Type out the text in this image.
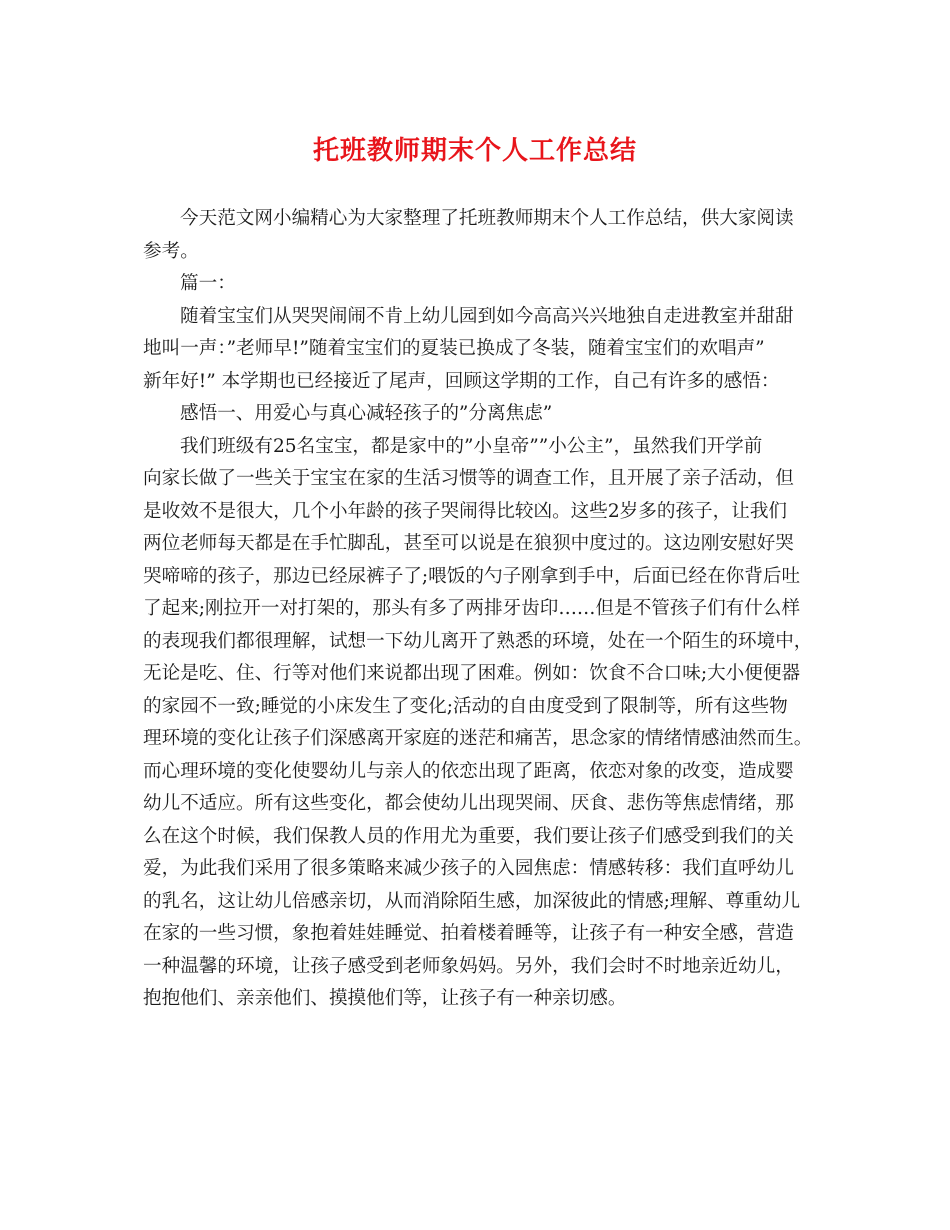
托班教师期末个人工作总结
今天范文网小编精心为大家整理了托班教师期末个人工作总结，供大家阅读
参考。
篇一：
随着宝宝们从哭哭闹闹不肯上幼儿园到如今高高兴兴地独自走进教室并甜甜
地叫一声：”老师早!”随着宝宝们的夏装已换成了冬装，随着宝宝们的欢唱声”
新年好!” 本学期也已经接近了尾声，回顾这学期的工作，自己有许多的感悟：
感悟一、用爱心与真心减轻孩子的”分离焦虑”
我们班级有25名宝宝，都是家中的”小皇帝””小公主”，虽然我们开学前
向家长做了一些关于宝宝在家的生活习惯等的调查工作，且开展了亲子活动，但
是收效不是很大，几个小年龄的孩子哭闹得比较凶。这些2岁多的孩子，让我们
两位老师每天都是在手忙脚乱，甚至可以说是在狼狈中度过的。这边刚安慰好哭
哭啼啼的孩子，那边已经尿裤子了;喂饭的勺子刚拿到手中，后面已经在你背后吐
了起来;刚拉开一对打架的，那头有多了两排牙齿印……但是不管孩子们有什么样
的表现我们都很理解，试想一下幼儿离开了熟悉的环境，处在一个陌生的环境中，
无论是吃、住、行等对他们来说都出现了困难。例如：饮食不合口味;大小便便器
的家园不一致;睡觉的小床发生了变化;活动的自由度受到了限制等，所有这些物
理环境的变化让孩子们深感离开家庭的迷茫和痛苦，思念家的情绪情感油然而生。
而心理环境的变化使婴幼儿与亲人的依恋出现了距离，依恋对象的改变，造成婴
幼儿不适应。所有这些变化，都会使幼儿出现哭闹、厌食、悲伤等焦虑情绪，那
么在这个时候，我们保教人员的作用尤为重要，我们要让孩子们感受到我们的关
爱，为此我们采用了很多策略来减少孩子的入园焦虑：情感转移：我们直呼幼儿
的乳名，这让幼儿倍感亲切，从而消除陌生感，加深彼此的情感;理解、尊重幼儿
在家的一些习惯，象抱着娃娃睡觉、拍着楼着睡等，让孩子有一种安全感，营造
一种温馨的环境，让孩子感受到老师象妈妈。另外，我们会时不时地亲近幼儿，
抱抱他们、亲亲他们、摸摸他们等，让孩子有一种亲切感。
